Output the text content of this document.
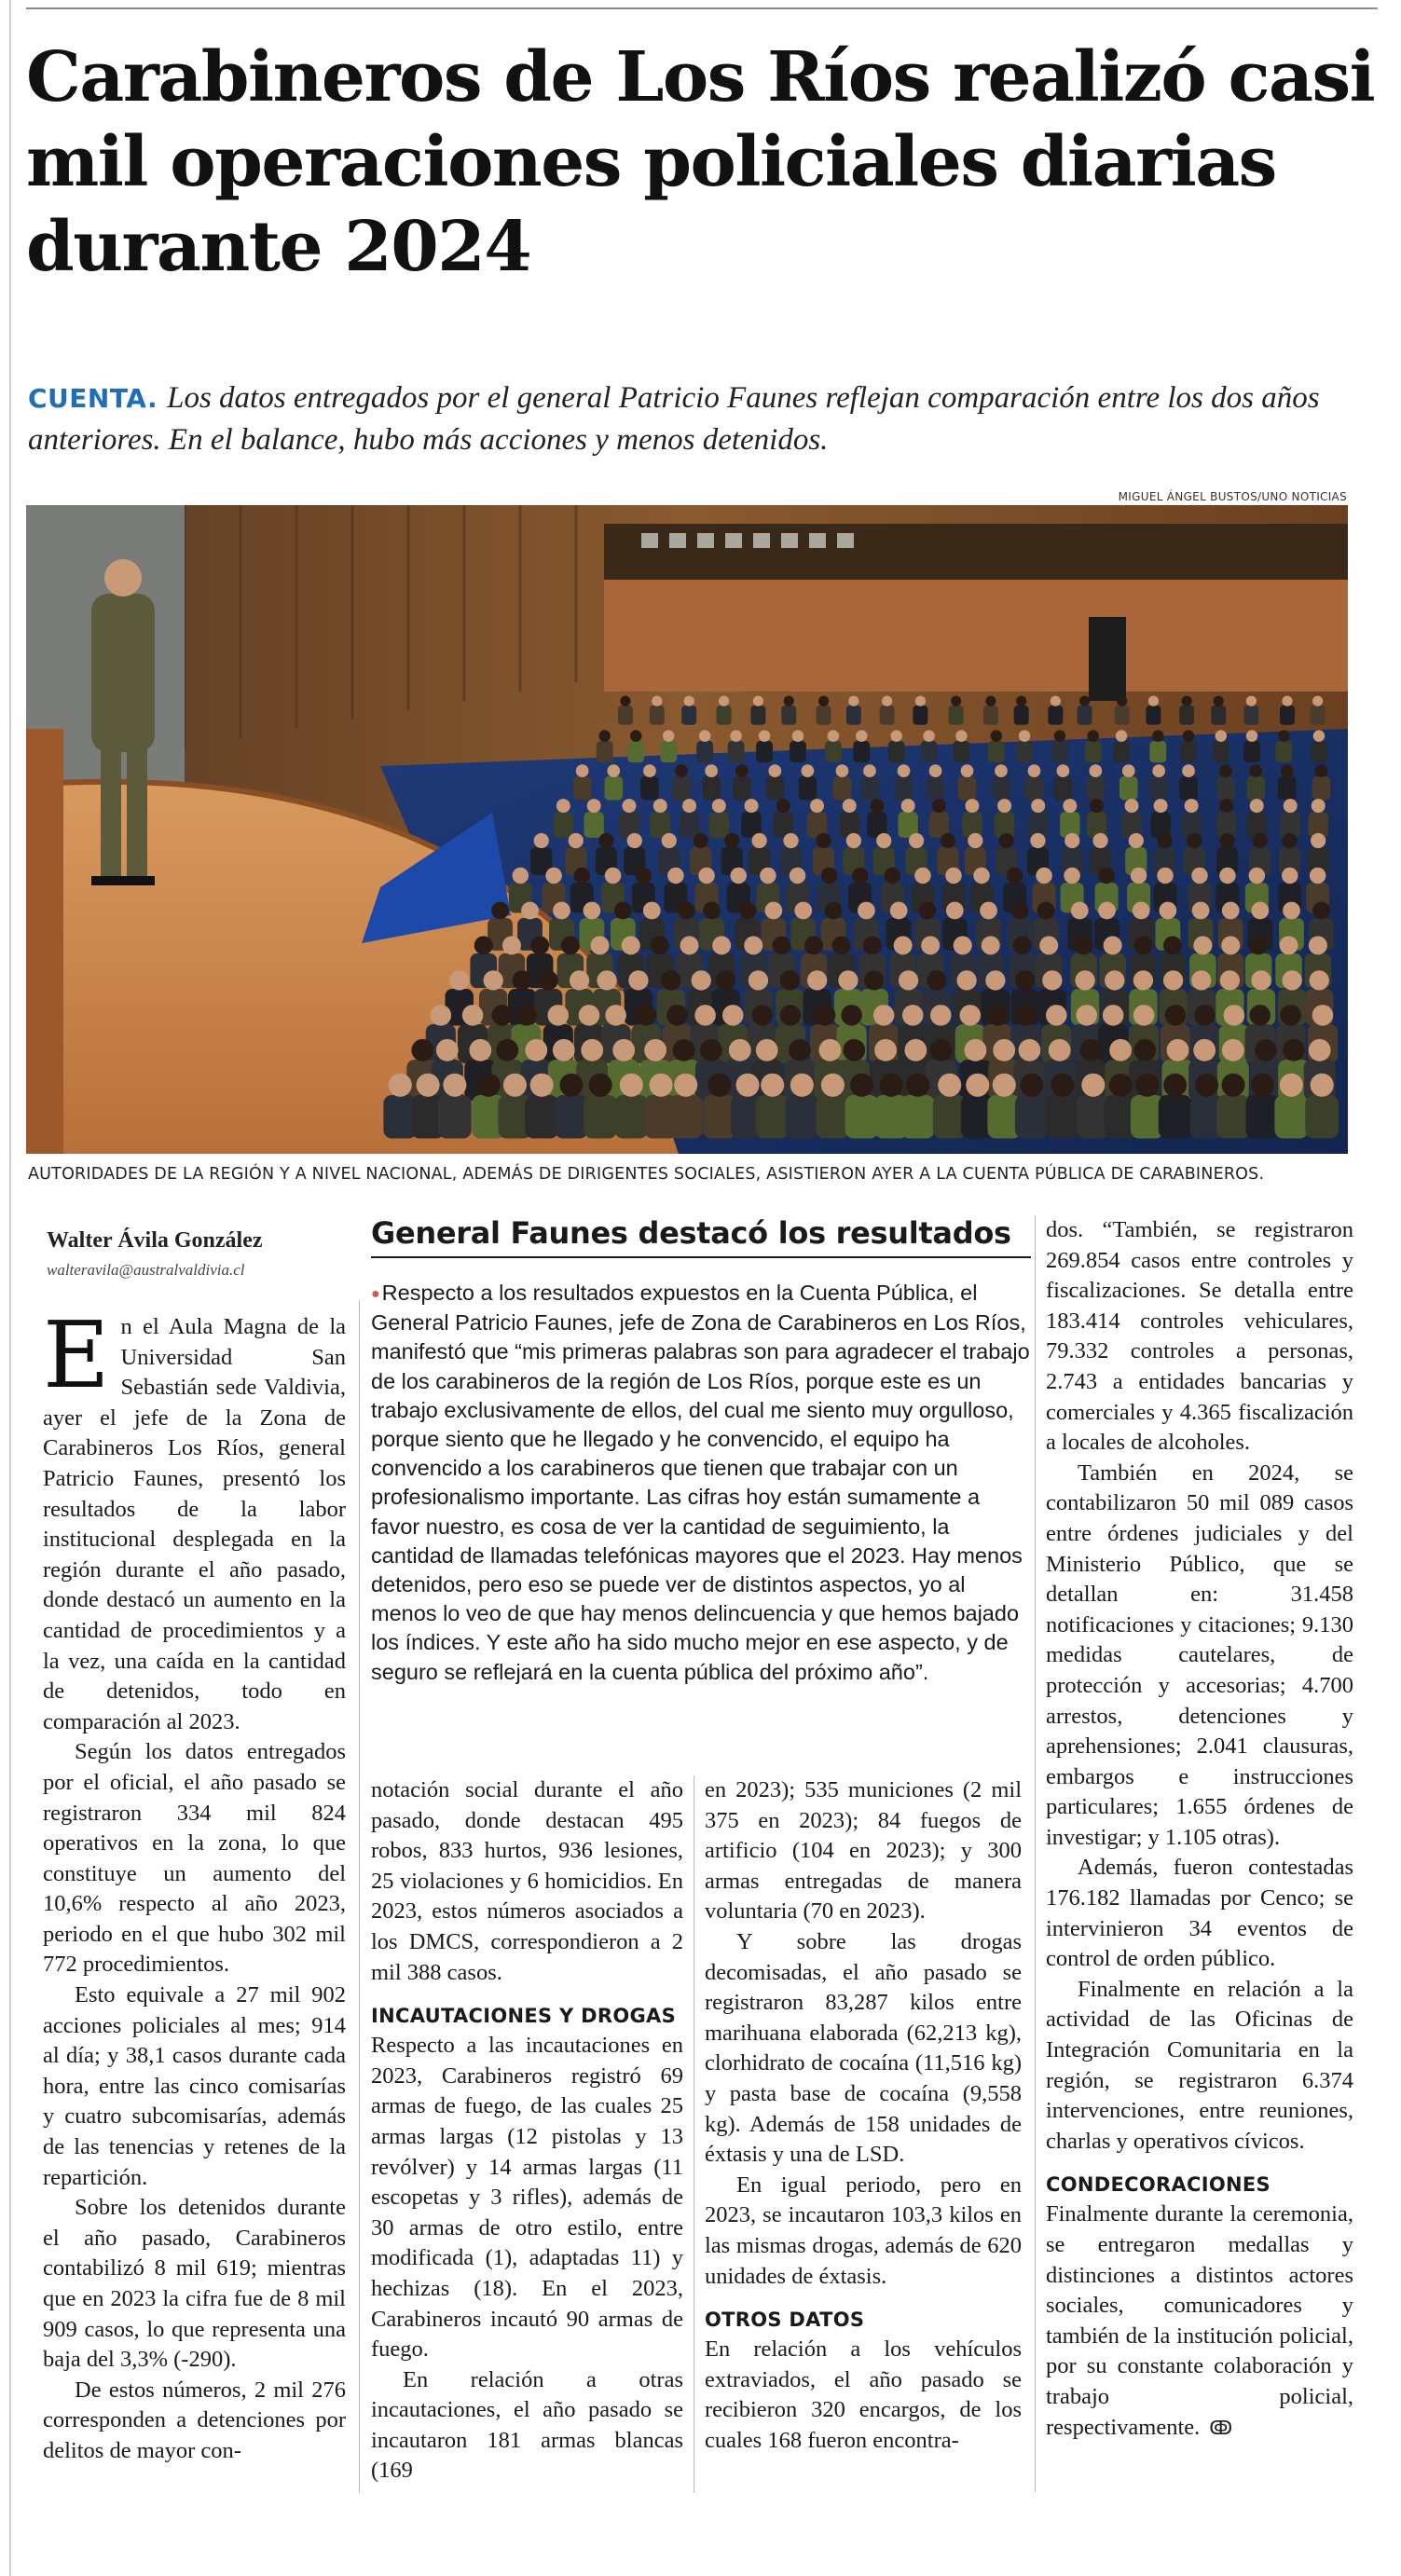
Carabineros de Los Ríos realizó casi mil operaciones policiales diarias durante 2024
CUENTA. Los datos entregados por el general Patricio Faunes reflejan comparación entre los dos años anteriores. En el balance, hubo más acciones y menos detenidos.
MIGUEL ÁNGEL BUSTOS/UNO NOTICIAS
AUTORIDADES DE LA REGIÓN Y A NIVEL NACIONAL, ADEMÁS DE DIRIGENTES SOCIALES, ASISTIERON AYER A LA CUENTA PÚBLICA DE CARABINEROS.
Walter Ávila González
walteravila@australvaldivia.cl

En el Aula Magna de la Universidad San Sebastián sede Valdivia, ayer el jefe de la Zona de Carabineros Los Ríos, general Patricio Faunes, presentó los resultados de la labor institucional desplegada en la región durante el año pasado, donde destacó un aumento en la cantidad de procedimientos y a la vez, una caída en la cantidad de detenidos, todo en comparación al 2023.

Según los datos entregados por el oficial, el año pasado se registraron 334 mil 824 operativos en la zona, lo que constituye un aumento del 10,6% respecto al año 2023, periodo en el que hubo 302 mil 772 procedimientos.

Esto equivale a 27 mil 902 acciones policiales al mes; 914 al día; y 38,1 casos durante cada hora, entre las cinco comisarías y cuatro subcomisarías, además de las tenencias y retenes de la repartición.

Sobre los detenidos durante el año pasado, Carabineros contabilizó 8 mil 619; mientras que en 2023 la cifra fue de 8 mil 909 casos, lo que representa una baja del 3,3% (-290).

De estos números, 2 mil 276 corresponden a detenciones por delitos de mayor con-

General Faunes destacó los resultados
●Respecto a los resultados expuestos en la Cuenta Pública, el General Patricio Faunes, jefe de Zona de Carabineros en Los Ríos, manifestó que “mis primeras palabras son para agradecer el trabajo de los carabineros de la región de Los Ríos, porque este es un trabajo exclusivamente de ellos, del cual me siento muy orgulloso, porque siento que he llegado y he convencido, el equipo ha convencido a los carabineros que tienen que trabajar con un profesionalismo importante. Las cifras hoy están sumamente a favor nuestro, es cosa de ver la cantidad de seguimiento, la cantidad de llamadas telefónicas mayores que el 2023. Hay menos detenidos, pero eso se puede ver de distintos aspectos, yo al menos lo veo de que hay menos delincuencia y que hemos bajado los índices. Y este año ha sido mucho mejor en ese aspecto, y de seguro se reflejará en la cuenta pública del próximo año”.

notación social durante el año pasado, donde destacan 495 robos, 833 hurtos, 936 lesiones, 25 violaciones y 6 homicidios. En 2023, estos números asociados a los DMCS, correspondieron a 2 mil 388 casos.

INCAUTACIONES Y DROGAS

Respecto a las incautaciones en 2023, Carabineros registró 69 armas de fuego, de las cuales 25 armas largas (12 pistolas y 13 revólver) y 14 armas largas (11 escopetas y 3 rifles), además de 30 armas de otro estilo, entre modificada (1), adaptadas 11) y hechizas (18). En el 2023, Carabineros incautó 90 armas de fuego.

En relación a otras incautaciones, el año pasado se incautaron 181 armas blancas (169

en 2023); 535 municiones (2 mil 375 en 2023); 84 fuegos de artificio (104 en 2023); y 300 armas entregadas de manera voluntaria (70 en 2023).

Y sobre las drogas decomisadas, el año pasado se registraron 83,287 kilos entre marihuana elaborada (62,213 kg), clorhidrato de cocaína (11,516 kg) y pasta base de cocaína (9,558 kg). Además de 158 unidades de éxtasis y una de LSD.

En igual periodo, pero en 2023, se incautaron 103,3 kilos en las mismas drogas, además de 620 unidades de éxtasis.

OTROS DATOS

En relación a los vehículos extraviados, el año pasado se recibieron 320 encargos, de los cuales 168 fueron encontra-

dos. “También, se registraron 269.854 casos entre controles y fiscalizaciones. Se detalla entre 183.414 controles vehiculares, 79.332 controles a personas, 2.743 a entidades bancarias y comerciales y 4.365 fiscalización a locales de alcoholes.

También en 2024, se contabilizaron 50 mil 089 casos entre órdenes judiciales y del Ministerio Público, que se detallan en: 31.458 notificaciones y citaciones; 9.130 medidas cautelares, de protección y accesorias; 4.700 arrestos, detenciones y aprehensiones; 2.041 clausuras, embargos e instrucciones particulares; 1.655 órdenes de investigar; y 1.105 otras).

Además, fueron contestadas 176.182 llamadas por Cenco; se intervinieron 34 eventos de control de orden público.

Finalmente en relación a la actividad de las Oficinas de Integración Comunitaria en la región, se registraron 6.374 intervenciones, entre reuniones, charlas y operativos cívicos.

CONDECORACIONES

Finalmente durante la ceremonia, se entregaron medallas y distinciones a distintos actores sociales, comunicadores y también de la institución policial, por su constante colaboración y trabajo policial, respectivamente. ↂ
